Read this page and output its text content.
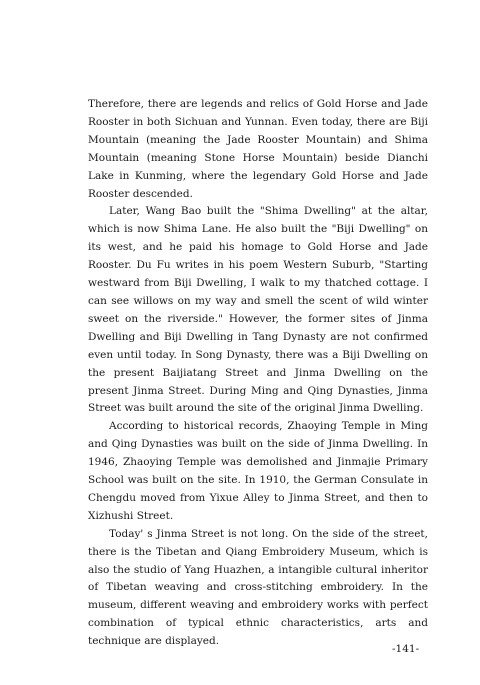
Therefore, there are legends and relics of Gold Horse and Jade Rooster in both Sichuan and Yunnan. Even today, there are Biji Mountain (meaning the Jade Rooster Mountain) and Shima Mountain (meaning Stone Horse Mountain) beside Dianchi Lake in Kunming, where the legendary Gold Horse and Jade Rooster descended.

Later, Wang Bao built the "Shima Dwelling" at the altar, which is now Shima Lane. He also built the "Biji Dwelling" on its west, and he paid his homage to Gold Horse and Jade Rooster. Du Fu writes in his poem Western Suburb, "Starting westward from Biji Dwelling, I walk to my thatched cottage. I can see willows on my way and smell the scent of wild winter sweet on the riverside." However, the former sites of Jinma Dwelling and Biji Dwelling in Tang Dynasty are not confirmed even until today. In Song Dynasty, there was a Biji Dwelling on the present Baijiatang Street and Jinma Dwelling on the present Jinma Street. During Ming and Qing Dynasties, Jinma Street was built around the site of the original Jinma Dwelling.

According to historical records, Zhaoying Temple in Ming and Qing Dynasties was built on the side of Jinma Dwelling. In 1946, Zhaoying Temple was demolished and Jinmajie Primary School was built on the site. In 1910, the German Consulate in Chengdu moved from Yixue Alley to Jinma Street, and then to Xizhushi Street.

Today' s Jinma Street is not long. On the side of the street, there is the Tibetan and Qiang Embroidery Museum, which is also the studio of Yang Huazhen, a intangible cultural inheritor of Tibetan weaving and cross-stitching embroidery. In the museum, different weaving and embroidery works with perfect combination of typical ethnic characteristics, arts and technique are displayed.

-141-
